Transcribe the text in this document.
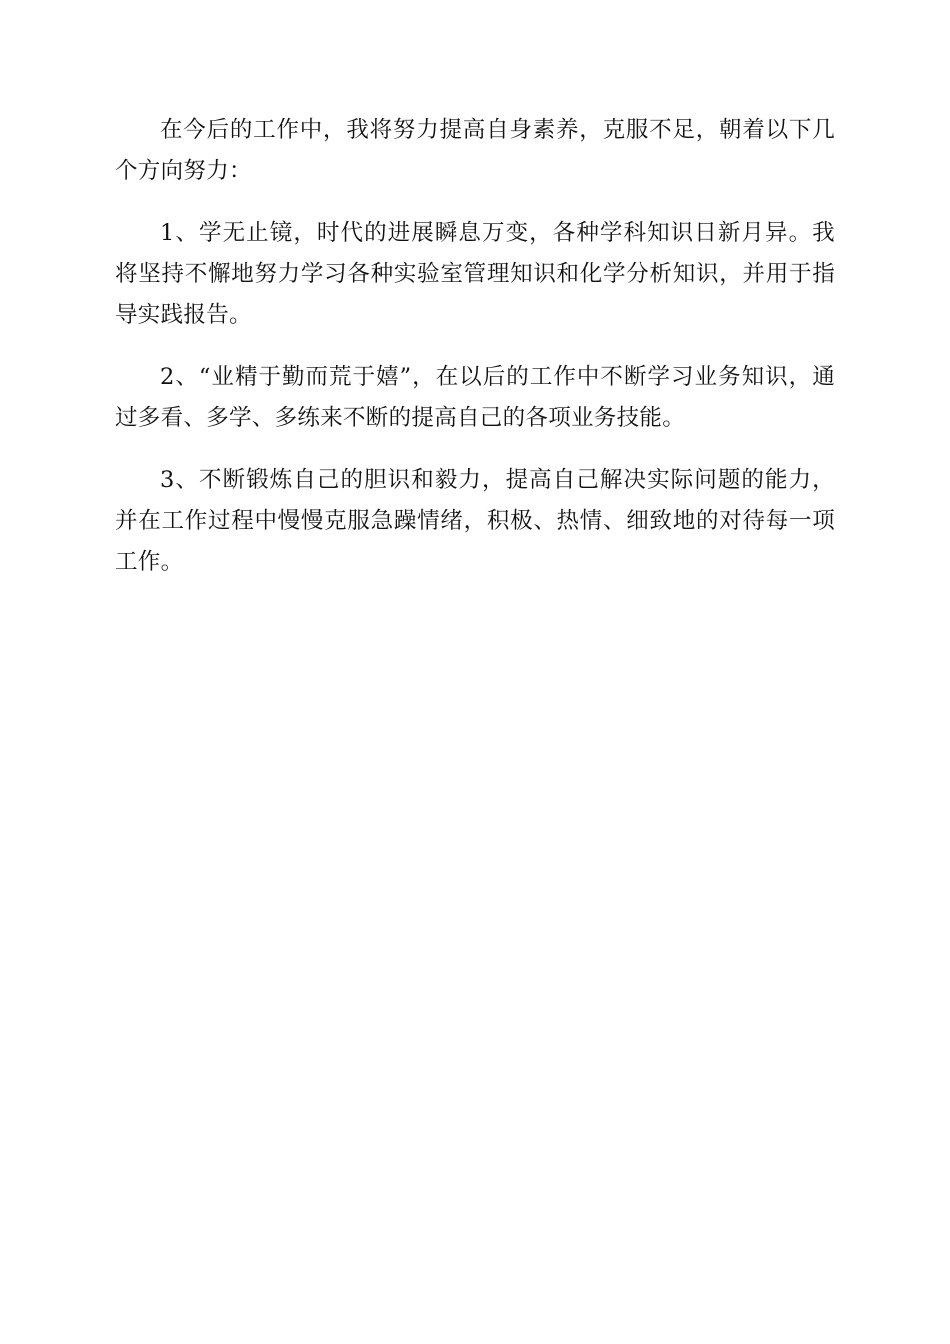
在今后的工作中，我将努力提高自身素养，克服不足，朝着以下几个方向努力：

1、学无止镜，时代的进展瞬息万变，各种学科知识日新月异。我将坚持不懈地努力学习各种实验室管理知识和化学分析知识，并用于指导实践报告。

2、“业精于勤而荒于嬉”，在以后的工作中不断学习业务知识，通过多看、多学、多练来不断的提高自己的各项业务技能。

3、不断锻炼自己的胆识和毅力，提高自己解决实际问题的能力，并在工作过程中慢慢克服急躁情绪，积极、热情、细致地的对待每一项工作。
